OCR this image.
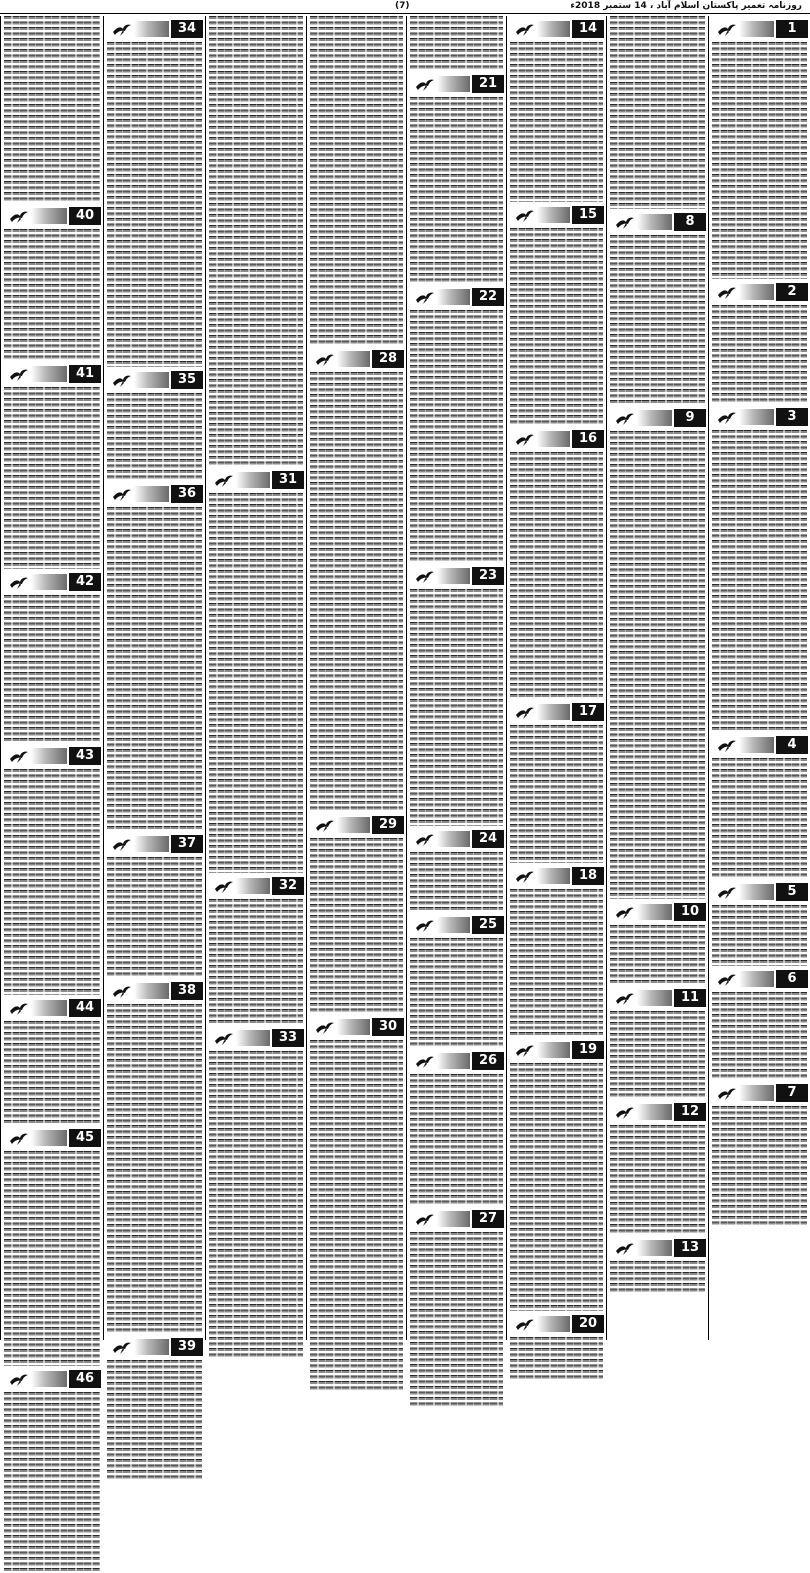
(7)	روزنامہ تعمیر پاکستان اسلام آباد ، 14 ستمبر 2018ء
40
41
42
43
44
45
46
34
35
36
37
38
39
31
32
33
28
29
30
21
22
23
24
25
26
27
14
15
16
17
18
19
20
8
9
10
11
12
13
1
2
3
4
5
6
7
